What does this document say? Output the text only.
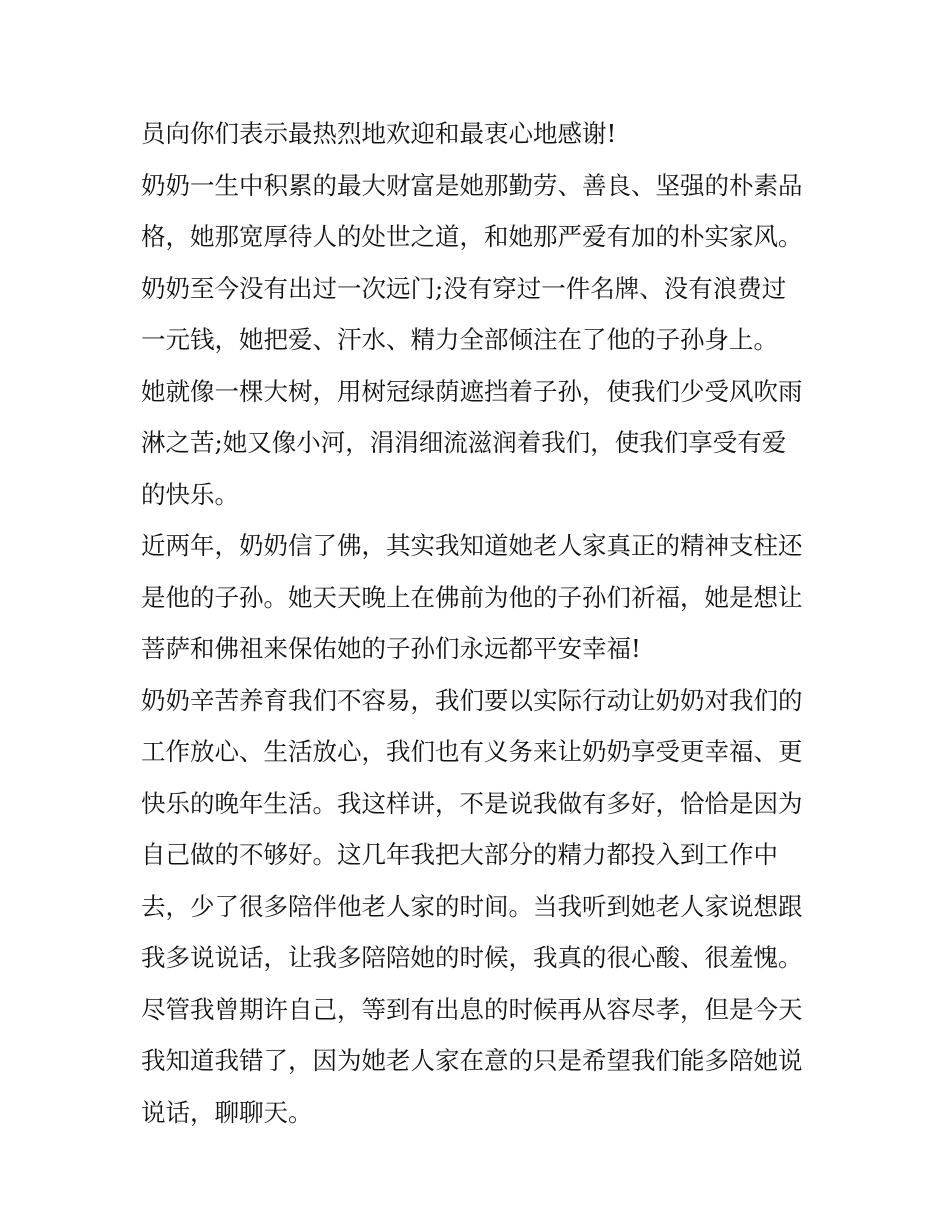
员向你们表示最热烈地欢迎和最衷心地感谢!
奶奶一生中积累的最大财富是她那勤劳、善良、坚强的朴素品
格，她那宽厚待人的处世之道，和她那严爱有加的朴实家风。
奶奶至今没有出过一次远门;没有穿过一件名牌、没有浪费过
一元钱，她把爱、汗水、精力全部倾注在了他的子孙身上。
她就像一棵大树，用树冠绿荫遮挡着子孙，使我们少受风吹雨
淋之苦;她又像小河，涓涓细流滋润着我们，使我们享受有爱
的快乐。
近两年，奶奶信了佛，其实我知道她老人家真正的精神支柱还
是他的子孙。她天天晚上在佛前为他的子孙们祈福，她是想让
菩萨和佛祖来保佑她的子孙们永远都平安幸福!
奶奶辛苦养育我们不容易，我们要以实际行动让奶奶对我们的
工作放心、生活放心，我们也有义务来让奶奶享受更幸福、更
快乐的晚年生活。我这样讲，不是说我做有多好，恰恰是因为
自己做的不够好。这几年我把大部分的精力都投入到工作中
去，少了很多陪伴他老人家的时间。当我听到她老人家说想跟
我多说说话，让我多陪陪她的时候，我真的很心酸、很羞愧。
尽管我曾期许自己，等到有出息的时候再从容尽孝，但是今天
我知道我错了，因为她老人家在意的只是希望我们能多陪她说
说话，聊聊天。
